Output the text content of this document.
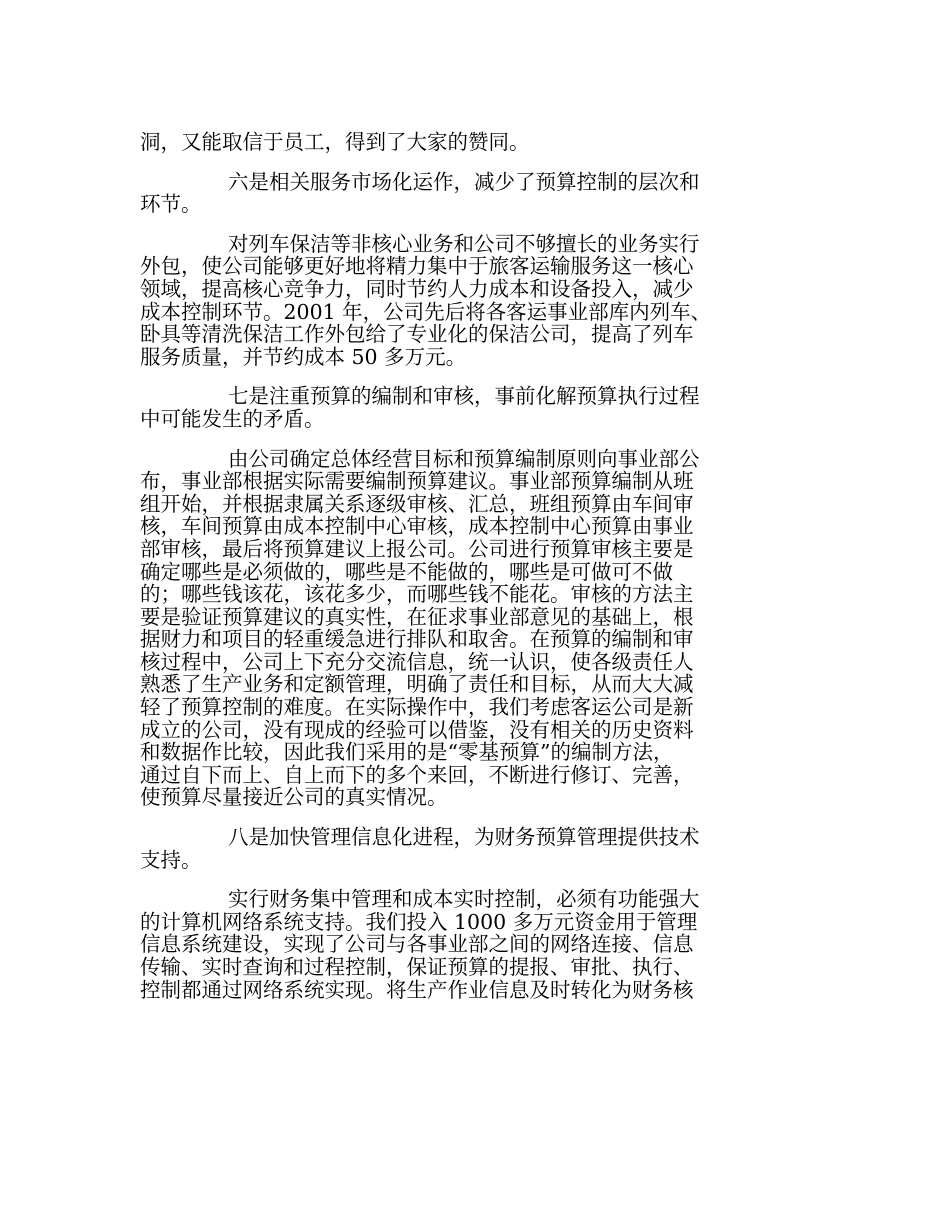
洞，又能取信于员工，得到了大家的赞同。

六是相关服务市场化运作，减少了预算控制的层次和
环节。

对列车保洁等非核心业务和公司不够擅长的业务实行
外包，使公司能够更好地将精力集中于旅客运输服务这一核心
领域，提高核心竞争力，同时节约人力成本和设备投入，减少
成本控制环节。2001 年，公司先后将各客运事业部库内列车、
卧具等清洗保洁工作外包给了专业化的保洁公司，提高了列车
服务质量，并节约成本 50 多万元。

七是注重预算的编制和审核，事前化解预算执行过程
中可能发生的矛盾。

由公司确定总体经营目标和预算编制原则向事业部公
布，事业部根据实际需要编制预算建议。事业部预算编制从班
组开始，并根据隶属关系逐级审核、汇总，班组预算由车间审
核，车间预算由成本控制中心审核，成本控制中心预算由事业
部审核，最后将预算建议上报公司。公司进行预算审核主要是
确定哪些是必须做的，哪些是不能做的，哪些是可做可不做
的；哪些钱该花，该花多少，而哪些钱不能花。审核的方法主
要是验证预算建议的真实性，在征求事业部意见的基础上，根
据财力和项目的轻重缓急进行排队和取舍。在预算的编制和审
核过程中，公司上下充分交流信息，统一认识，使各级责任人
熟悉了生产业务和定额管理，明确了责任和目标，从而大大减
轻了预算控制的难度。在实际操作中，我们考虑客运公司是新
成立的公司，没有现成的经验可以借鉴，没有相关的历史资料
和数据作比较，因此我们采用的是“零基预算”的编制方法，
通过自下而上、自上而下的多个来回，不断进行修订、完善，
使预算尽量接近公司的真实情况。

八是加快管理信息化进程，为财务预算管理提供技术
支持。

实行财务集中管理和成本实时控制，必须有功能强大
的计算机网络系统支持。我们投入 1000 多万元资金用于管理
信息系统建设，实现了公司与各事业部之间的网络连接、信息
传输、实时查询和过程控制，保证预算的提报、审批、执行、
控制都通过网络系统实现。将生产作业信息及时转化为财务核
